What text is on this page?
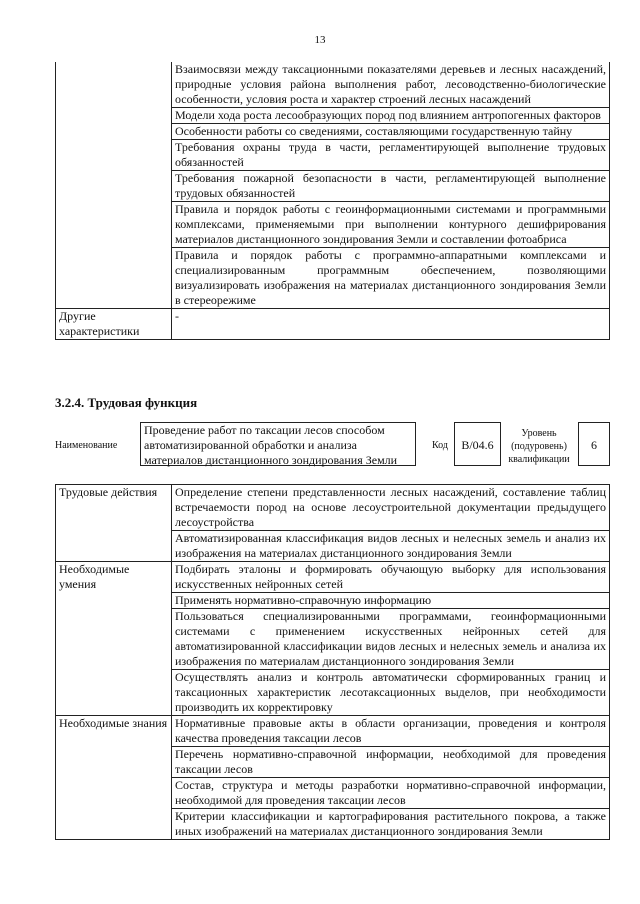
13
	Взаимосвязи между таксационными показателями деревьев и лесных насаждений, природные условия района выполнения работ, лесоводственно-биологические особенности, условия роста и характер строений лесных насаждений
	Модели хода роста лесообразующих пород под влиянием антропогенных факторов
	Особенности работы со сведениями, составляющими государственную тайну
	Требования охраны труда в части, регламентирующей выполнение трудовых обязанностей
	Требования пожарной безопасности в части, регламентирующей выполнение трудовых обязанностей
	Правила и порядок работы с геоинформационными системами и программными комплексами, применяемыми при выполнении контурного дешифрирования материалов дистанционного зондирования Земли и составлении фотоабриса
	Правила и порядок работы с программно-аппаратными комплексами и специализированным программным обеспечением, позволяющими визуализировать изображения на материалах дистанционного зондирования Земли в стереорежиме
Другие характеристики	-
3.2.4. Трудовая функция
Наименование
Проведение работ по таксации лесов способом автоматизированной обработки и анализа материалов дистанционного зондирования Земли
Код	B/04.6
Уровень (подуровень) квалификации
6
Трудовые действия	Определение степени представленности лесных насаждений, составление таблиц встречаемости пород на основе лесоустроительной документации предыдущего лесоустройства
	Автоматизированная классификация видов лесных и нелесных земель и анализ их изображения на материалах дистанционного зондирования Земли
Необходимые умения	Подбирать эталоны и формировать обучающую выборку для использования искусственных нейронных сетей
	Применять нормативно-справочную информацию
	Пользоваться специализированными программами, геоинформационными системами с применением искусственных нейронных сетей для автоматизированной классификации видов лесных и нелесных земель и анализа их изображения по материалам дистанционного зондирования Земли
	Осуществлять анализ и контроль автоматически сформированных границ и таксационных характеристик лесотаксационных выделов, при необходимости производить их корректировку
Необходимые знания	Нормативные правовые акты в области организации, проведения и контроля качества проведения таксации лесов
	Перечень нормативно-справочной информации, необходимой для проведения таксации лесов
	Состав, структура и методы разработки нормативно-справочной информации, необходимой для проведения таксации лесов
	Критерии классификации и картографирования растительного покрова, а также иных изображений на материалах дистанционного зондирования Земли
